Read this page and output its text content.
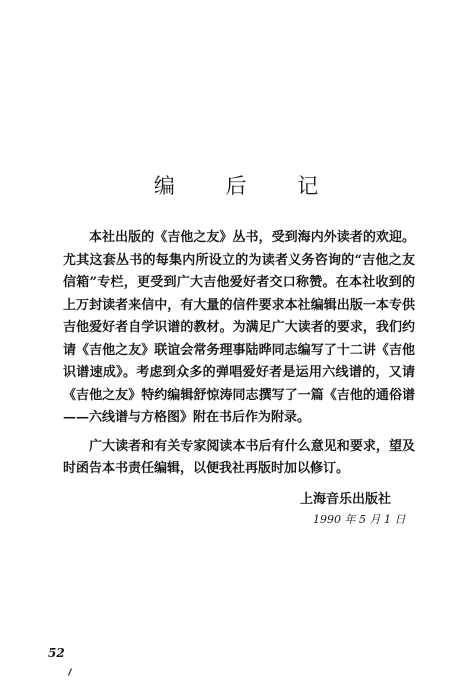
编 后 记

本社出版的《吉他之友》丛书，受到海内外读者的欢迎。尤其这套丛书的每集内所设立的为读者义务咨询的“吉他之友信箱”专栏，更受到广大吉他爱好者交口称赞。在本社收到的上万封读者来信中，有大量的信件要求本社编辑出版一本专供吉他爱好者自学识谱的教材。为满足广大读者的要求，我们约请《吉他之友》联谊会常务理事陆晔同志编写了十二讲《吉他识谱速成》。考虑到众多的弹唱爱好者是运用六线谱的，又请《吉他之友》特约编辑舒惊涛同志撰写了一篇《吉他的通俗谱——六线谱与方格图》附在书后作为附录。

广大读者和有关专家阅读本书后有什么意见和要求，望及时函告本书责任编辑，以便我社再版时加以修订。

上海音乐出版社
1990 年 5 月 1 日
52
